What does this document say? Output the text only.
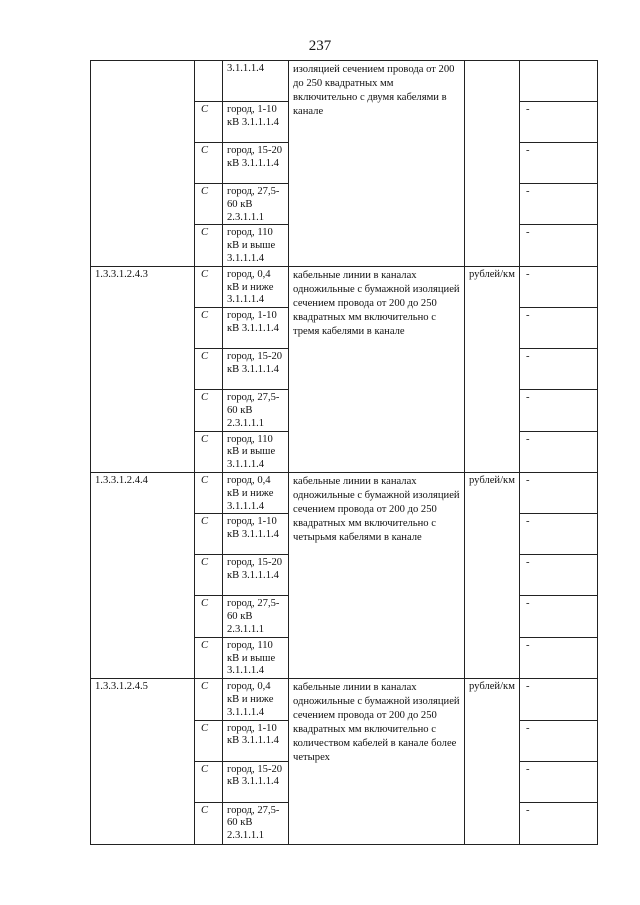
237
		3.1.1.1.4	изоляцией сечением провода от 200 до 250 квадратных мм включительно с двумя кабелями в канале		

	С	город, 1-10 кВ 3.1.1.1.4			-

	С	город, 15-20 кВ 3.1.1.1.4			-

	С	город, 27,5-60 кВ 2.3.1.1.1			-

	С	город, 110 кВ и выше 3.1.1.1.4			-

1.3.3.1.2.4.3	С	город, 0,4 кВ и ниже 3.1.1.1.4	кабельные линии в каналах одножильные с бумажной изоляцией сечением провода от 200 до 250 квадратных мм включительно с тремя кабелями в канале	рублей/км	-

	С	город, 1-10 кВ 3.1.1.1.4			-

	С	город, 15-20 кВ 3.1.1.1.4			-

	С	город, 27,5-60 кВ 2.3.1.1.1			-

	С	город, 110 кВ и выше 3.1.1.1.4			-

1.3.3.1.2.4.4	С	город, 0,4 кВ и ниже 3.1.1.1.4	кабельные линии в каналах одножильные с бумажной изоляцией сечением провода от 200 до 250 квадратных мм включительно с четырьмя кабелями в канале	рублей/км	-

	С	город, 1-10 кВ 3.1.1.1.4			-

	С	город, 15-20 кВ 3.1.1.1.4			-

	С	город, 27,5-60 кВ 2.3.1.1.1			-

	С	город, 110 кВ и выше 3.1.1.1.4			-

1.3.3.1.2.4.5	С	город, 0,4 кВ и ниже 3.1.1.1.4	кабельные линии в каналах одножильные с бумажной изоляцией сечением провода от 200 до 250 квадратных мм включительно с количеством кабелей в канале более четырех	рублей/км	-

	С	город, 1-10 кВ 3.1.1.1.4			-

	С	город, 15-20 кВ 3.1.1.1.4			-

	С	город, 27,5-60 кВ 2.3.1.1.1			-
